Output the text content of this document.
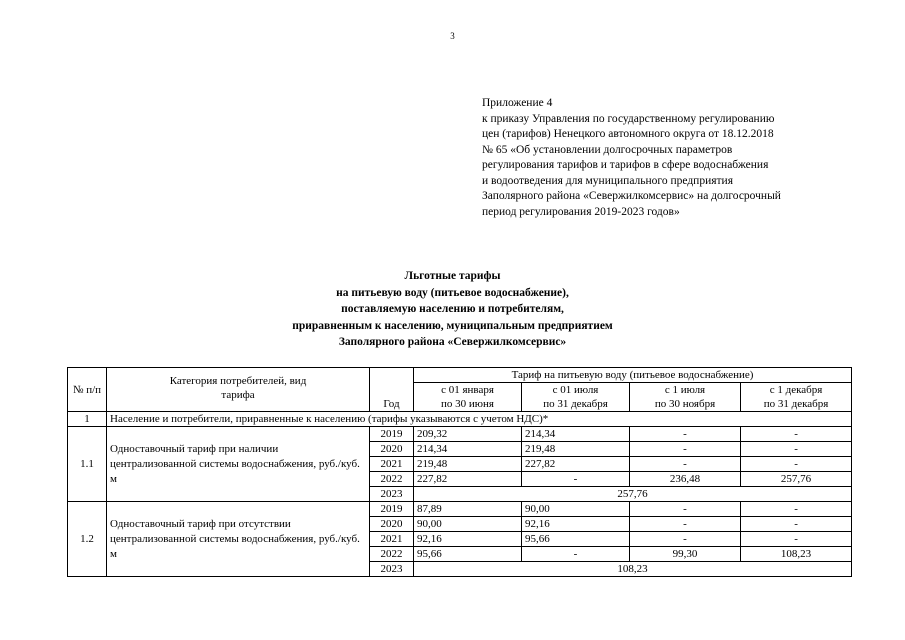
3
Приложение 4
к приказу Управления по государственному регулированию
цен (тарифов) Ненецкого автономного округа от 18.12.2018
№ 65 «Об установлении долгосрочных параметров
регулирования тарифов и тарифов в сфере водоснабжения
и водоотведения для муниципального предприятия
Заполярного района «Севержилкомсервис» на долгосрочный
период регулирования 2019-2023 годов»
Льготные тарифы
на питьевую воду (питьевое водоснабжение),
поставляемую населению и потребителям,
приравненным к населению, муниципальным предприятием
Заполярного района «Севержилкомсервис»
№ п/п	Категория потребителей, вид тарифа	Год	Тариф на питьевую воду (питьевое водоснабжение)			
			с 01 января	с 01 июля	с 1 июля	с 1 декабря
			по 30 июня	по 31 декабря	по 30 ноября	по 31 декабря
1	Население и потребители, приравненные к населению (тарифы указываются с учетом НДС)*					
1.1	Одноставочный тариф при наличии централизованной системы водоснабжения, руб./куб. м	2019	209,32	214,34	-	-
		2020	214,34	219,48	-	-
		2021	219,48	227,82	-	-
		2022	227,82	-	236,48	257,76
		2023	257,76			
1.2	Одноставочный тариф при отсутствии централизованной системы водоснабжения, руб./куб. м	2019	87,89	90,00	-	-
		2020	90,00	92,16	-	-
		2021	92,16	95,66	-	-
		2022	95,66	-	99,30	108,23
		2023	108,23			
